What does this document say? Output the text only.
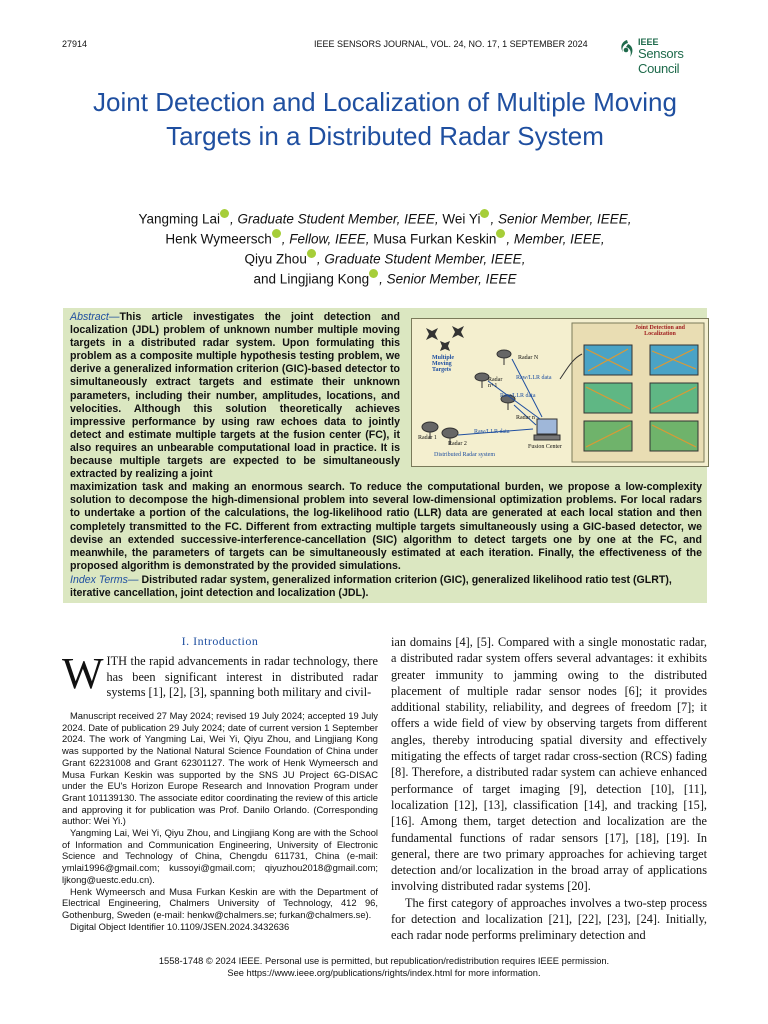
27914	IEEE SENSORS JOURNAL, VOL. 24, NO. 17, 1 SEPTEMBER 2024	IEEE
Sensors Council
Joint Detection and Localization of Multiple Moving Targets in a Distributed Radar System
Yangming Lai , Graduate Student Member, IEEE, Wei Yi , Senior Member, IEEE,
Henk Wymeersch , Fellow, IEEE, Musa Furkan Keskin , Member, IEEE,
Qiyu Zhou , Graduate Student Member, IEEE,
and Lingjiang Kong , Senior Member, IEEE
Multiple Moving Targets
Radar N
Radar n+1
Raw/LLR data
Raw/LLR data
Radar n
Raw/LLR data
Radar 1
Radar 2	Fusion Center
Distributed Radar system
Joint Detection and Localization
Abstract—This article investigates the joint detection and localization (JDL) problem of unknown number multiple moving targets in a distributed radar system. Upon formulating this problem as a composite multiple hypothesis testing problem, we derive a generalized information criterion (GIC)-based detector to simultaneously extract targets and estimate their unknown parameters, including their number, amplitudes, locations, and velocities. Although this solution theoretically achieves impressive performance by using raw echoes data to jointly detect and estimate multiple targets at the fusion center (FC), it also requires an unbearable computational load in practice. It is because multiple targets are expected to be simultaneously extracted by realizing a joint
maximization task and making an enormous search. To reduce the computational burden, we propose a low-complexity solution to decompose the high-dimensional problem into several low-dimensional optimization problems. For local radars to undertake a portion of the calculations, the log-likelihood ratio (LLR) data are generated at each local station and then completely transmitted to the FC. Different from extracting multiple targets simultaneously using a GIC-based detector, we devise an extended successive-interference-cancellation (SIC) algorithm to detect targets one by one at the FC, and meanwhile, the parameters of targets can be simultaneously estimated at each iteration. Finally, the effectiveness of the proposed algorithm is demonstrated by the provided simulations.
Index Terms— Distributed radar system, generalized information criterion (GIC), generalized likelihood ratio test (GLRT), iterative cancellation, joint detection and localization (JDL).
I. Introduction
W ITH the rapid advancements in radar technology, there has been significant interest in distributed radar systems [1], [2], [3], spanning both military and civil-

Manuscript received 27 May 2024; revised 19 July 2024; accepted 19 July 2024. Date of publication 29 July 2024; date of current version 1 September 2024. The work of Yangming Lai, Wei Yi, Qiyu Zhou, and Lingjiang Kong was supported by the National Natural Science Foundation of China under Grant 62231008 and Grant 62301127. The work of Henk Wymeersch and Musa Furkan Keskin was supported by the SNS JU Project 6G-DISAC under the EU's Horizon Europe Research and Innovation Program under Grant 101139130. The associate editor coordinating the review of this article and approving it for publication was Prof. Danilo Orlando. (Corresponding author: Wei Yi.)

Yangming Lai, Wei Yi, Qiyu Zhou, and Lingjiang Kong are with the School of Information and Communication Engineering, University of Electronic Science and Technology of China, Chengdu 611731, China (e-mail: ymlai1996@gmail.com; kussoyi@gmail.com; qiyuzhou2018@gmail.com; ljkong@uestc.edu.cn).

Henk Wymeersch and Musa Furkan Keskin are with the Department of Electrical Engineering, Chalmers University of Technology, 412 96, Gothenburg, Sweden (e-mail: henkw@chalmers.se; furkan@chalmers.se).

Digital Object Identifier 10.1109/JSEN.2024.3432636

ian domains [4], [5]. Compared with a single monostatic radar, a distributed radar system offers several advantages: it exhibits greater immunity to jamming owing to the distributed placement of multiple radar sensor nodes [6]; it provides additional stability, reliability, and degrees of freedom [7]; it offers a wide field of view by observing targets from different angles, thereby introducing spatial diversity and effectively mitigating the effects of target radar cross-section (RCS) fading [8]. Therefore, a distributed radar system can achieve enhanced performance of target imaging [9], detection [10], [11], localization [12], [13], classification [14], and tracking [15], [16]. Among them, target detection and localization are the fundamental functions of radar sensors [17], [18], [19]. In general, there are two primary approaches for achieving target detection and/or localization in the broad array of applications involving distributed radar systems [20].

The first category of approaches involves a two-step process for detection and localization [21], [22], [23], [24]. Initially, each radar node performs preliminary detection and

1558-1748 © 2024 IEEE. Personal use is permitted, but republication/redistribution requires IEEE permission.
See https://www.ieee.org/publications/rights/index.html for more information.
